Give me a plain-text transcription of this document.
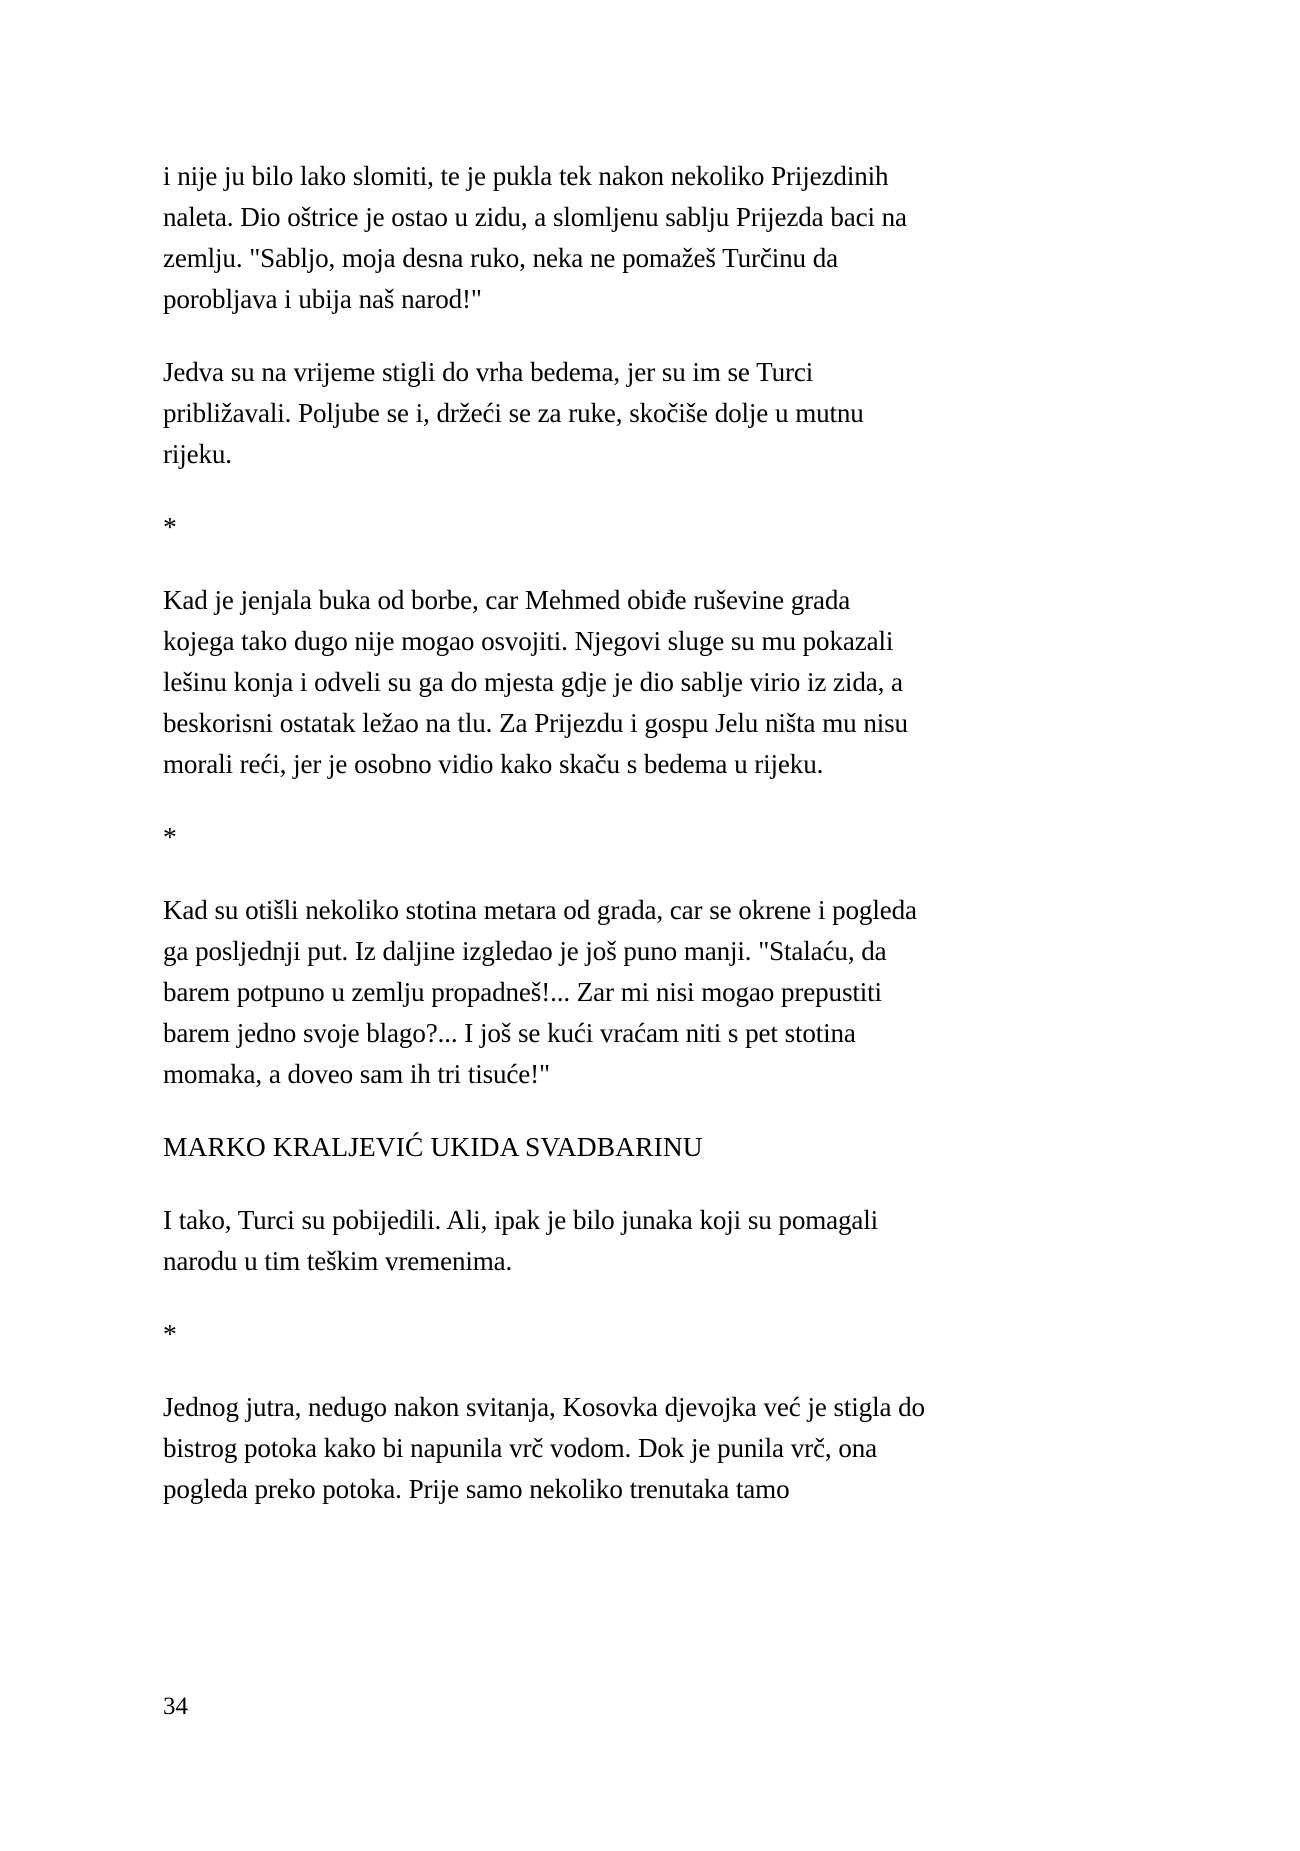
i nije ju bilo lako slomiti, te je pukla tek nakon nekoliko Prijezdinih naleta. Dio oštrice je ostao u zidu, a slomljenu sablju Prijezda baci na zemlju. "Sabljo, moja desna ruko, neka ne pomažeš Turčinu da porobljava i ubija naš narod!"

Jedva su na vrijeme stigli do vrha bedema, jer su im se Turci približavali. Poljube se i, držeći se za ruke, skočiše dolje u mutnu rijeku.

*

Kad je jenjala buka od borbe, car Mehmed obiđe ruševine grada kojega tako dugo nije mogao osvojiti. Njegovi sluge su mu pokazali lešinu konja i odveli su ga do mjesta gdje je dio sablje virio iz zida, a beskorisni ostatak ležao na tlu. Za Prijezdu i gospu Jelu ništa mu nisu morali reći, jer je osobno vidio kako skaču s bedema u rijeku.

*

Kad su otišli nekoliko stotina metara od grada, car se okrene i pogleda ga posljednji put. Iz daljine izgledao je još puno manji. "Stalaću, da barem potpuno u zemlju propadneš!... Zar mi nisi mogao prepustiti barem jedno svoje blago?... I još se kući vraćam niti s pet stotina momaka, a doveo sam ih tri tisuće!"

MARKO KRALJEVIĆ UKIDA SVADBARINU

I tako, Turci su pobijedili. Ali, ipak je bilo junaka koji su pomagali narodu u tim teškim vremenima.

*

Jednog jutra, nedugo nakon svitanja, Kosovka djevojka već je stigla do bistrog potoka kako bi napunila vrč vodom. Dok je punila vrč, ona pogleda preko potoka. Prije samo nekoliko trenutaka tamo

34
